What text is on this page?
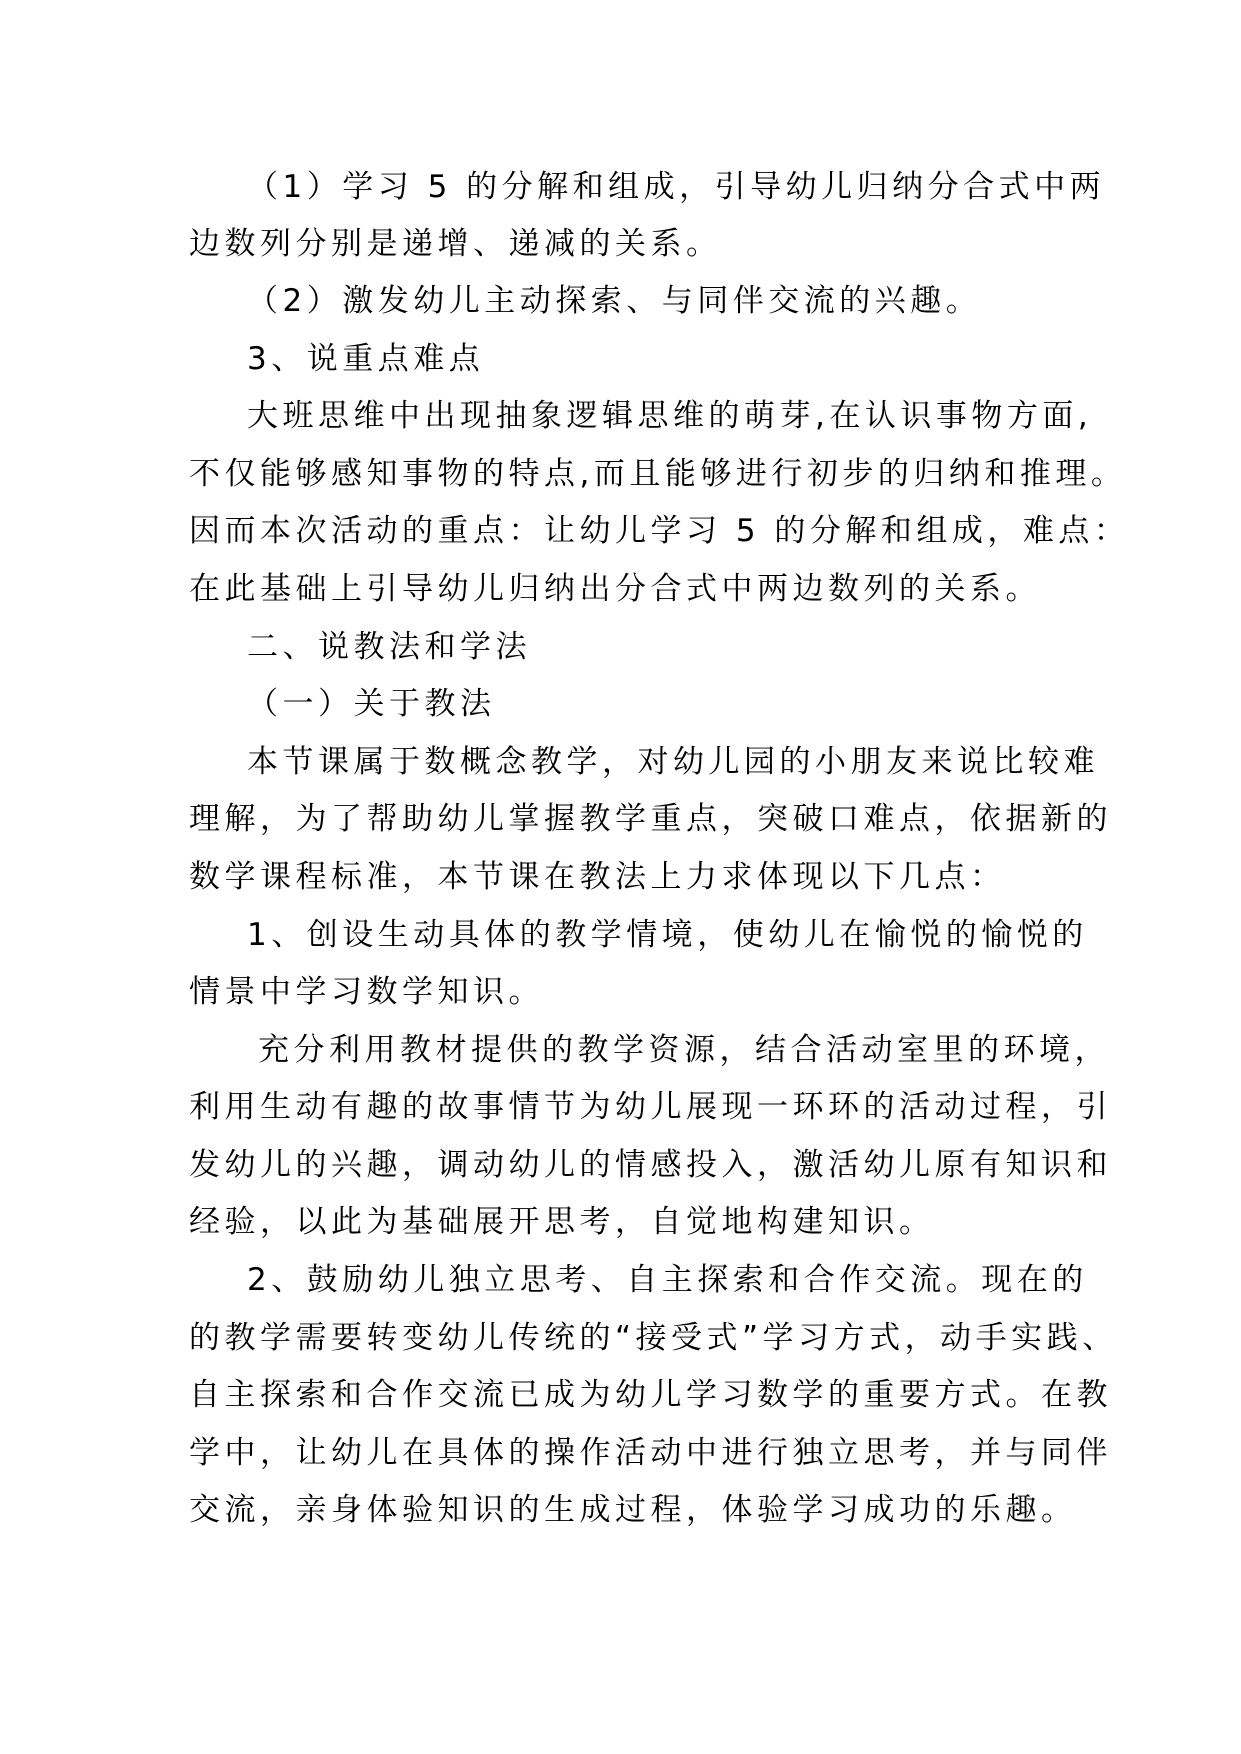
（1）学习 5 的分解和组成，引导幼儿归纳分合式中两
边数列分别是递增、递减的关系。
（2）激发幼儿主动探索、与同伴交流的兴趣。
3、说重点难点
大班思维中出现抽象逻辑思维的萌芽,在认识事物方面,
不仅能够感知事物的特点,而且能够进行初步的归纳和推理。
因而本次活动的重点：让幼儿学习 5 的分解和组成，难点：
在此基础上引导幼儿归纳出分合式中两边数列的关系。
二、说教法和学法
（一）关于教法
本节课属于数概念教学，对幼儿园的小朋友来说比较难
理解，为了帮助幼儿掌握教学重点，突破口难点，依据新的
数学课程标准，本节课在教法上力求体现以下几点：
1、创设生动具体的教学情境，使幼儿在愉悦的愉悦的
情景中学习数学知识。
充分利用教材提供的教学资源，结合活动室里的环境，
利用生动有趣的故事情节为幼儿展现一环环的活动过程，引
发幼儿的兴趣，调动幼儿的情感投入，激活幼儿原有知识和
经验，以此为基础展开思考，自觉地构建知识。
2、鼓励幼儿独立思考、自主探索和合作交流。现在的
的教学需要转变幼儿传统的“接受式”学习方式，动手实践、
自主探索和合作交流已成为幼儿学习数学的重要方式。在教
学中，让幼儿在具体的操作活动中进行独立思考，并与同伴
交流，亲身体验知识的生成过程，体验学习成功的乐趣。
